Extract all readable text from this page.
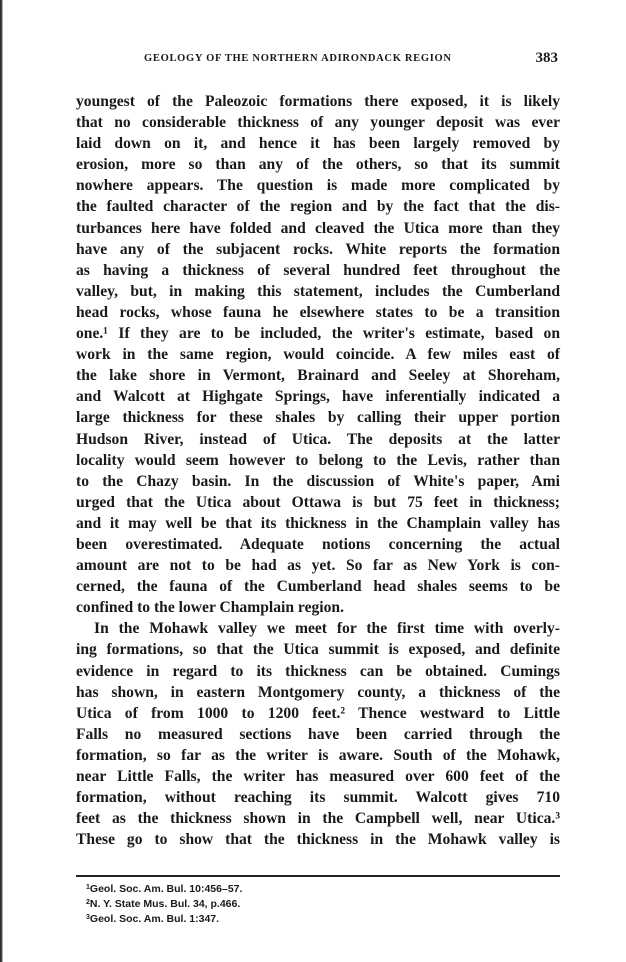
GEOLOGY OF THE NORTHERN ADIRONDACK REGION	383
youngest of the Paleozoic formations there exposed, it is likely
that no considerable thickness of any younger deposit was ever
laid down on it, and hence it has been largely removed by
erosion, more so than any of the others, so that its summit
nowhere appears. The question is made more complicated by
the faulted character of the region and by the fact that the dis-
turbances here have folded and cleaved the Utica more than they
have any of the subjacent rocks. White reports the formation
as having a thickness of several hundred feet throughout the
valley, but, in making this statement, includes the Cumberland
head rocks, whose fauna he elsewhere states to be a transition
one.¹ If they are to be included, the writer's estimate, based on
work in the same region, would coincide. A few miles east of
the lake shore in Vermont, Brainard and Seeley at Shoreham,
and Walcott at Highgate Springs, have inferentially indicated a
large thickness for these shales by calling their upper portion
Hudson River, instead of Utica. The deposits at the latter
locality would seem however to belong to the Levis, rather than
to the Chazy basin. In the discussion of White's paper, Ami
urged that the Utica about Ottawa is but 75 feet in thickness;
and it may well be that its thickness in the Champlain valley has
been overestimated. Adequate notions concerning the actual
amount are not to be had as yet. So far as New York is con-
cerned, the fauna of the Cumberland head shales seems to be
confined to the lower Champlain region.
In the Mohawk valley we meet for the first time with overly-
ing formations, so that the Utica summit is exposed, and definite
evidence in regard to its thickness can be obtained. Cumings
has shown, in eastern Montgomery county, a thickness of the
Utica of from 1000 to 1200 feet.² Thence westward to Little
Falls no measured sections have been carried through the
formation, so far as the writer is aware. South of the Mohawk,
near Little Falls, the writer has measured over 600 feet of the
formation, without reaching its summit. Walcott gives 710
feet as the thickness shown in the Campbell well, near Utica.³
These go to show that the thickness in the Mohawk valley is
$^1$Geol. Soc. Am. Bul. 10:456–57.
$^2$N. Y. State Mus. Bul. 34, p.466.
$^3$Geol. Soc. Am. Bul. 1:347.
